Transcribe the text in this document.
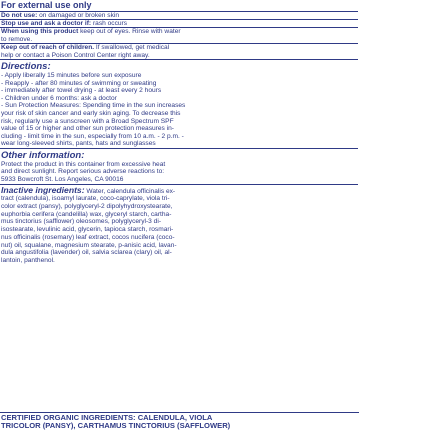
For external use only
Do not use: on damaged or broken skin
Stop use and ask a doctor if: rash occurs
When using this product keep out of eyes. Rinse with water
to remove.
Keep out of reach of children. If swallowed, get medical
help or contact a Poison Control Center right away.
Directions:
- Apply liberally 15 minutes before sun exposure
- Reapply - after 80 minutes of swimming or sweating
- immediately after towel drying - at least every 2 hours
- Children under 6 months: ask a doctor
- Sun Protection Measures: Spending time in the sun increases
your risk of skin cancer and early skin aging. To decrease this
risk, regularly use a sunscreen with a Broad Spectrum SPF
value of 15 or higher and other sun protection measures in-
cluding - limit time in the sun, especially from 10 a.m. - 2 p.m. -
wear long-sleeved shirts, pants, hats and sunglasses
Other information:
Protect the product in this container from excessive heat
and direct sunlight. Report serious adverse reactions to:
5933 Bowcroft St. Los Angeles, CA 90016
Inactive ingredients: Water, calendula officinalis ex-
tract (calendula), isoamyl laurate, coco-caprylate, viola tri-
color extract (pansy), polyglyceryl-2 dipolyhydroxystearate,
euphorbia cerifera (candelilla) wax, glyceryl starch, cartha-
mus tinctorius (safflower) oleosomes, polyglyceryl-3 di-
isostearate, levulinic acid, glycerin, tapioca starch, rosmari-
nus officinalis (rosemary) leaf extract, cocos nucifera (coco-
nut) oil, squalane, magnesium stearate, p-anisic acid, lavan-
dula angustifolia (lavender) oil, salvia sclarea (clary) oil, al-
lantoin, panthenol.
CERTIFIED ORGANIC INGREDIENTS: CALENDULA, VIOLA
TRICOLOR (PANSY), CARTHAMUS TINCTORIUS (SAFFLOWER)
